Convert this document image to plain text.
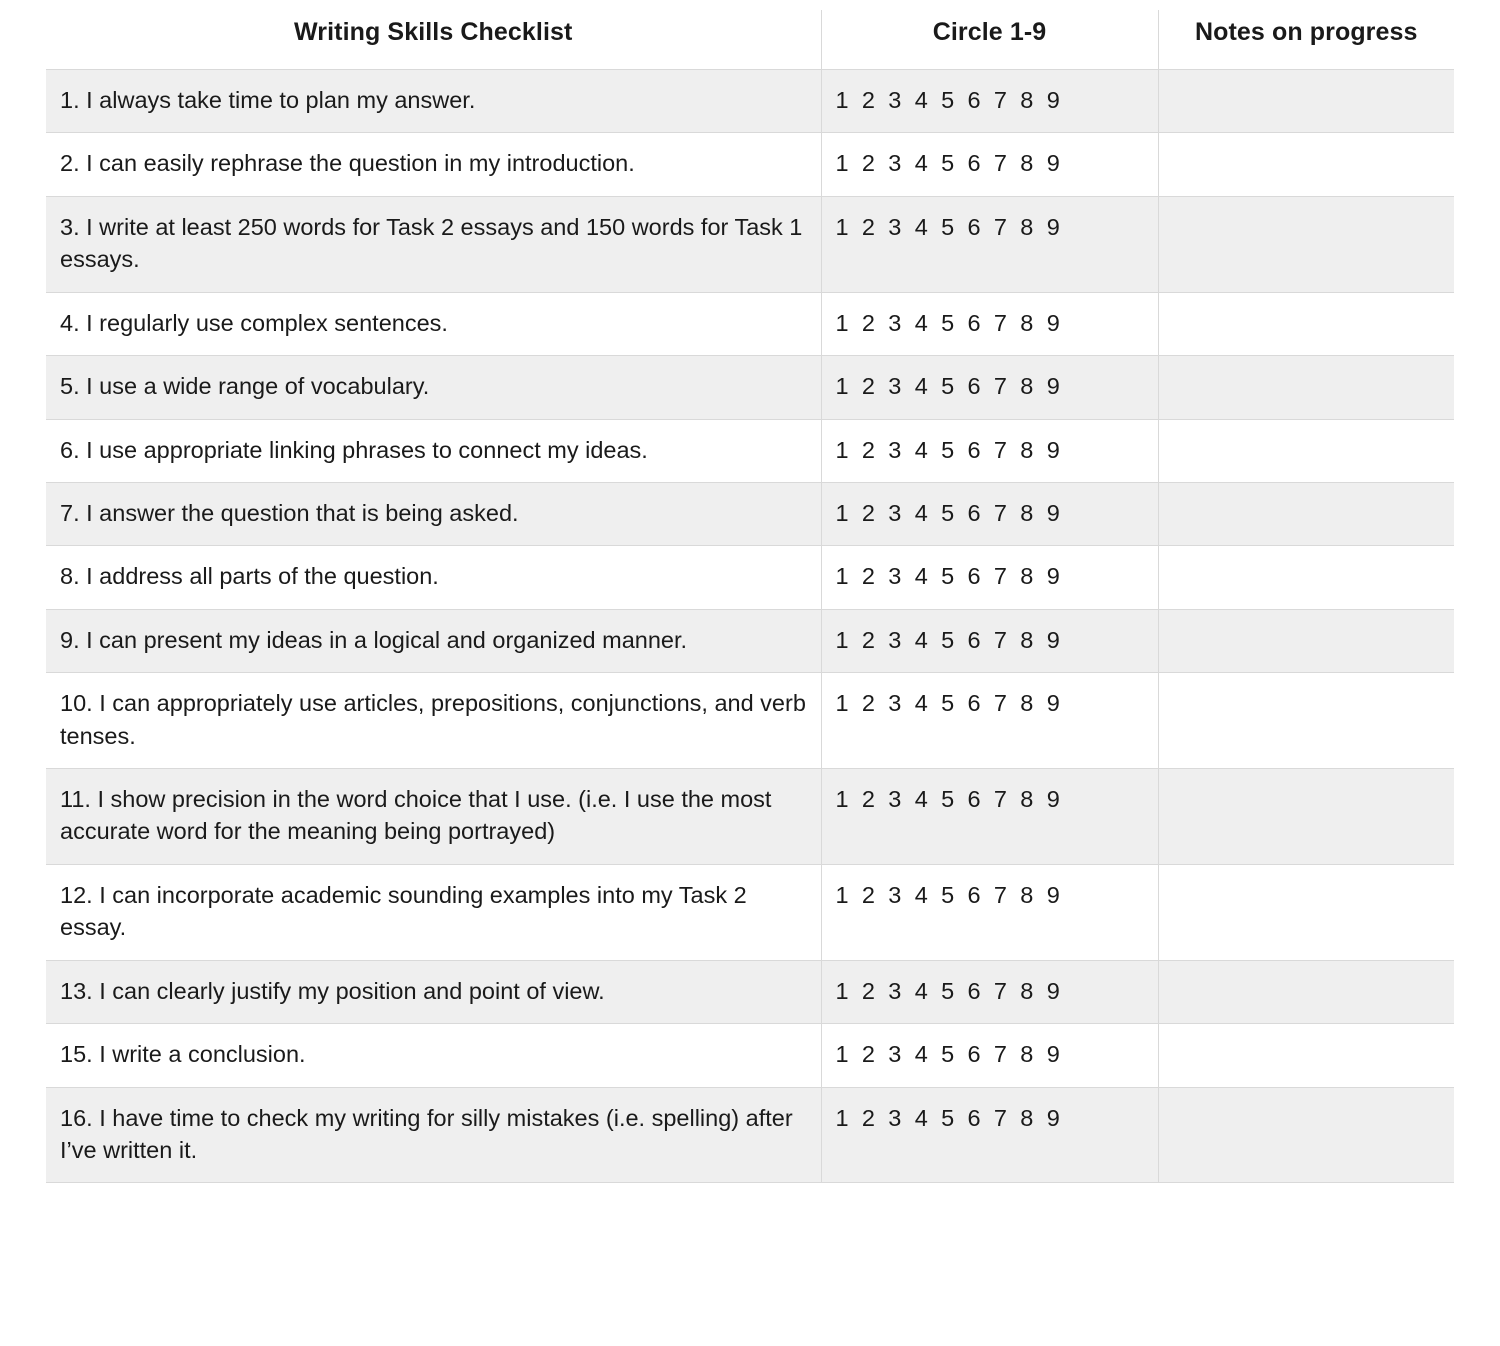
Writing Skills Checklist	Circle 1-9	Notes on progress
1. I always take time to plan my answer.	1 2 3 4 5 6 7 8 9	
2. I can easily rephrase the question in my introduction.	1 2 3 4 5 6 7 8 9	
3. I write at least 250 words for Task 2 essays and 150 words for Task 1 essays.	1 2 3 4 5 6 7 8 9	
4. I regularly use complex sentences.	1 2 3 4 5 6 7 8 9	
5. I use a wide range of vocabulary.	1 2 3 4 5 6 7 8 9	
6. I use appropriate linking phrases to connect my ideas.	1 2 3 4 5 6 7 8 9	
7. I answer the question that is being asked.	1 2 3 4 5 6 7 8 9	
8. I address all parts of the question.	1 2 3 4 5 6 7 8 9	
9. I can present my ideas in a logical and organized manner.	1 2 3 4 5 6 7 8 9	
10. I can appropriately use articles, prepositions, conjunctions, and verb tenses.	1 2 3 4 5 6 7 8 9	
11. I show precision in the word choice that I use. (i.e. I use the most accurate word for the meaning being portrayed)	1 2 3 4 5 6 7 8 9	
12. I can incorporate academic sounding examples into my Task 2 essay.	1 2 3 4 5 6 7 8 9	
13. I can clearly justify my position and point of view.	1 2 3 4 5 6 7 8 9	
15. I write a conclusion.	1 2 3 4 5 6 7 8 9	
16. I have time to check my writing for silly mistakes (i.e. spelling) after I’ve written it.	1 2 3 4 5 6 7 8 9	
